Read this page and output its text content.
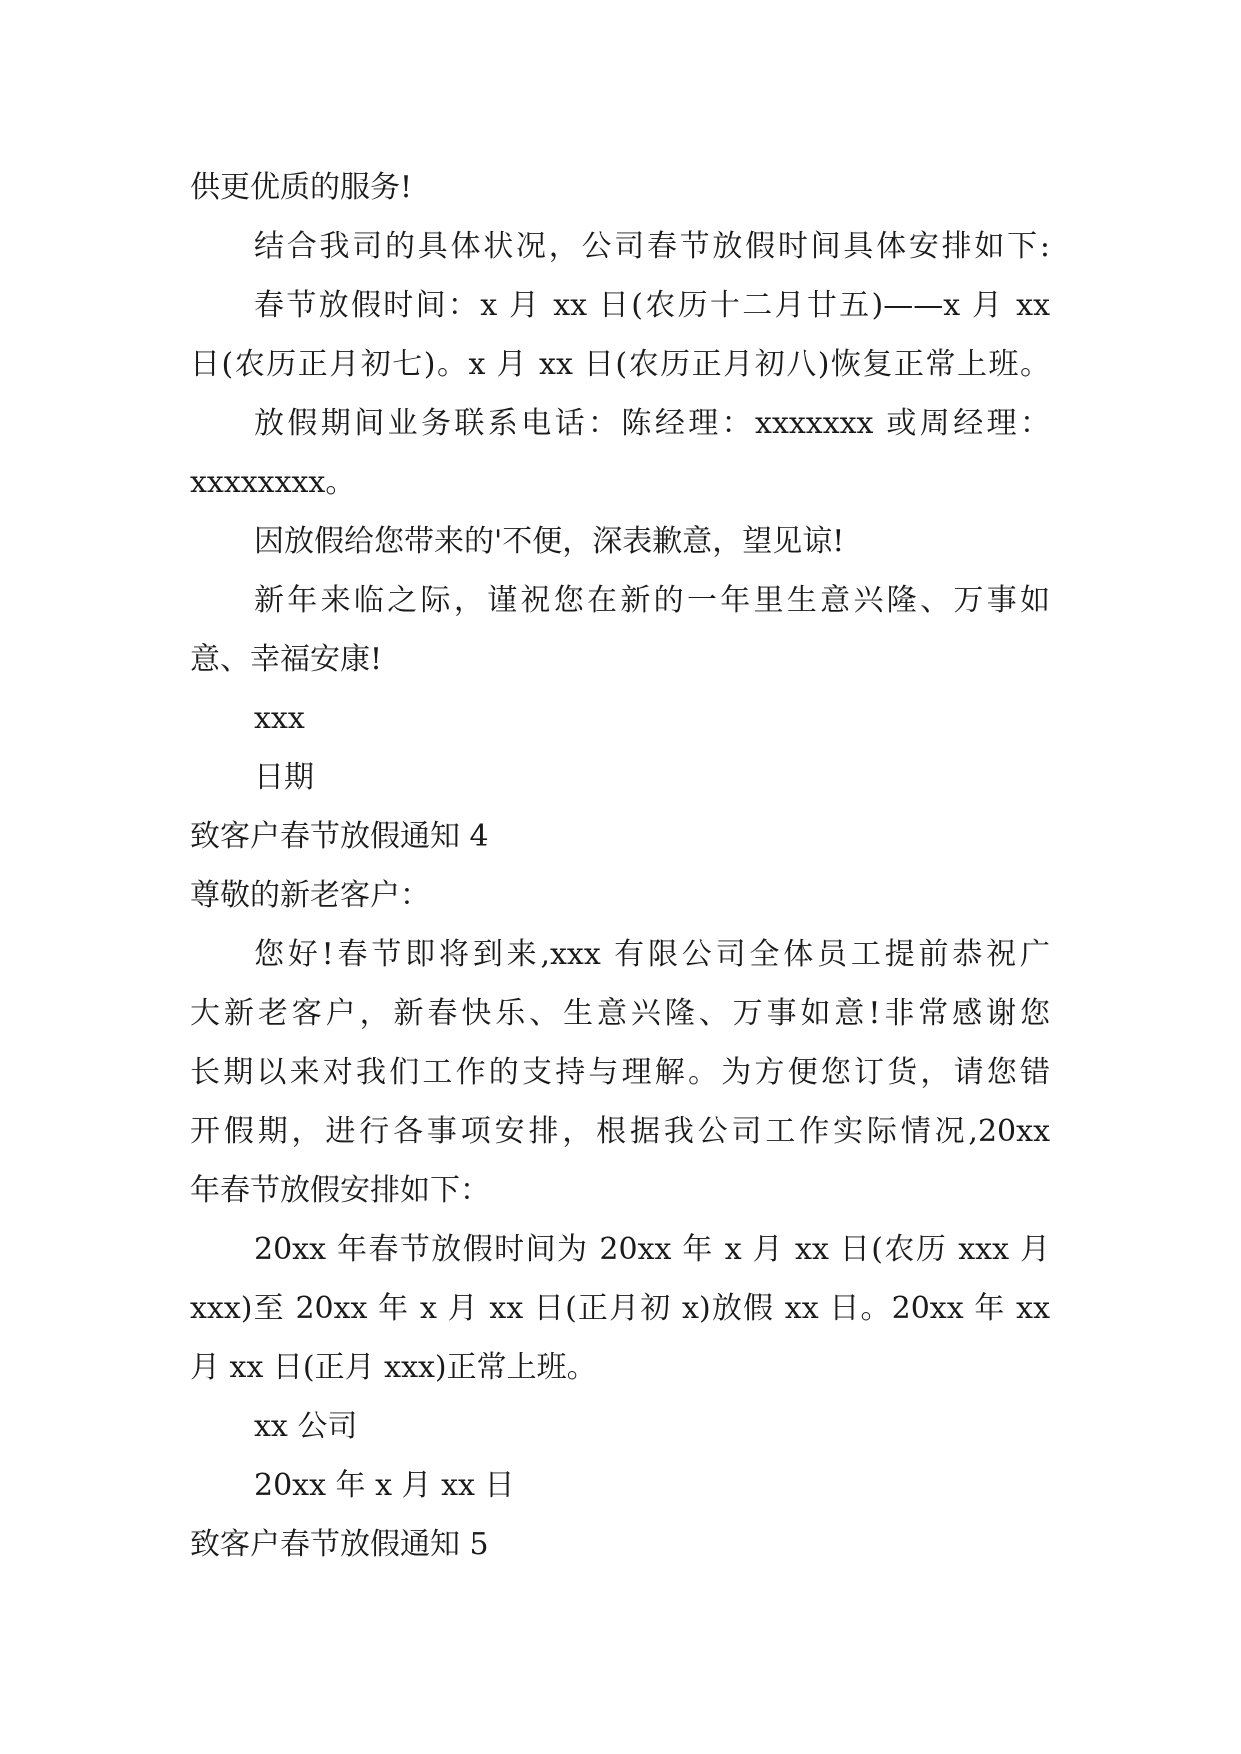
供更优质的服务!
结合我司的具体状况，公司春节放假时间具体安排如下:
春节放假时间：x 月 xx 日(农历十二月廿五)——x 月 xx
日(农历正月初七)。x 月 xx 日(农历正月初八)恢复正常上班。
放假期间业务联系电话：陈经理：xxxxxxx 或周经理：
xxxxxxxx。
因放假给您带来的'不便，深表歉意，望见谅!
新年来临之际，谨祝您在新的一年里生意兴隆、万事如
意、幸福安康!
xxx
日期
致客户春节放假通知 4
尊敬的新老客户：
您好!春节即将到来,xxx 有限公司全体员工提前恭祝广
大新老客户，新春快乐、生意兴隆、万事如意!非常感谢您
长期以来对我们工作的支持与理解。为方便您订货，请您错
开假期，进行各事项安排，根据我公司工作实际情况,20xx
年春节放假安排如下：
20xx 年春节放假时间为 20xx 年 x 月 xx 日(农历 xxx 月
xxx)至 20xx 年 x 月 xx 日(正月初 x)放假 xx 日。20xx 年 xx
月 xx 日(正月 xxx)正常上班。
xx 公司
20xx 年 x 月 xx 日
致客户春节放假通知 5
